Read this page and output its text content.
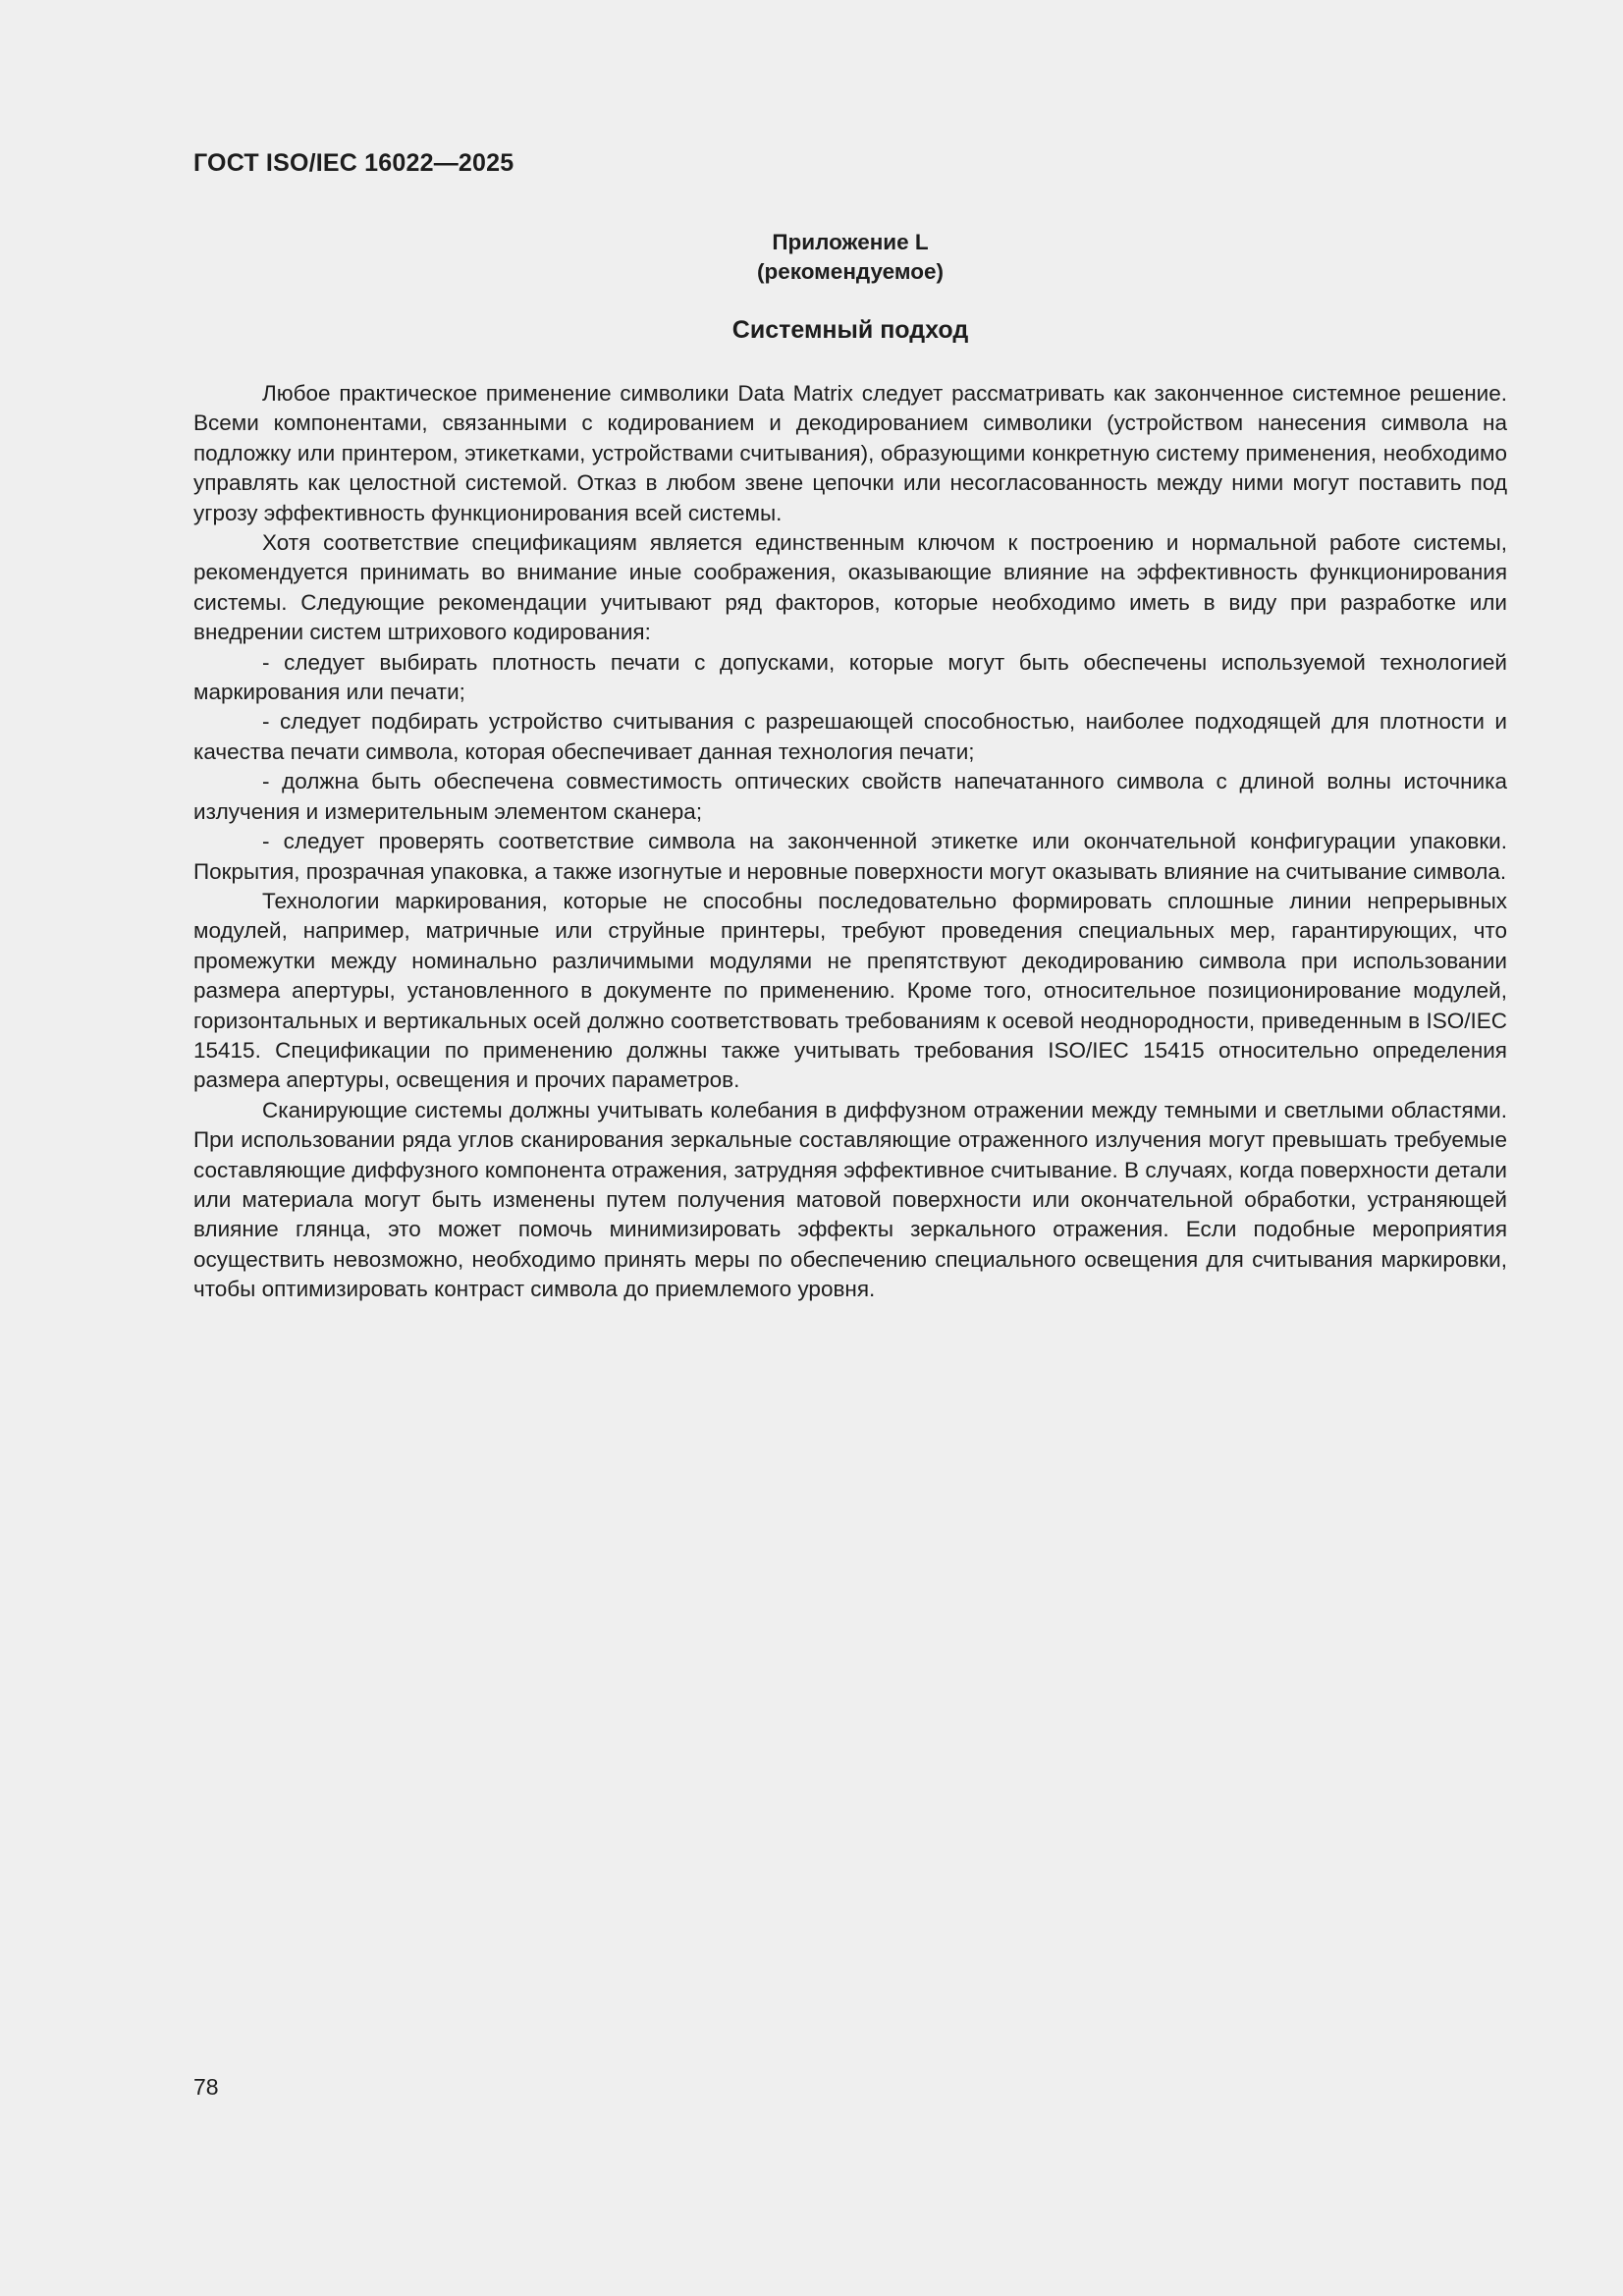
ГОСТ ISO/IEC 16022—2025
Приложение L
(рекомендуемое)
Системный подход

Любое практическое применение символики Data Matrix следует рассматривать как законченное системное решение. Всеми компонентами, связанными с кодированием и декодированием символики (устройством нанесения символа на подложку или принтером, этикетками, устройствами считывания), образующими конкретную систему применения, необходимо управлять как целостной системой. Отказ в любом звене цепочки или несогласованность между ними могут поставить под угрозу эффективность функционирования всей системы.

Хотя соответствие спецификациям является единственным ключом к построению и нормальной работе системы, рекомендуется принимать во внимание иные соображения, оказывающие влияние на эффективность функционирования системы. Следующие рекомендации учитывают ряд факторов, которые необходимо иметь в виду при разработке или внедрении систем штрихового кодирования:

- следует выбирать плотность печати с допусками, которые могут быть обеспечены используемой технологией маркирования или печати;

- следует подбирать устройство считывания с разрешающей способностью, наиболее подходящей для плотности и качества печати символа, которая обеспечивает данная технология печати;

- должна быть обеспечена совместимость оптических свойств напечатанного символа с длиной волны источника излучения и измерительным элементом сканера;

- следует проверять соответствие символа на законченной этикетке или окончательной конфигурации упаковки. Покрытия, прозрачная упаковка, а также изогнутые и неровные поверхности могут оказывать влияние на считывание символа.

Технологии маркирования, которые не способны последовательно формировать сплошные линии непрерывных модулей, например, матричные или струйные принтеры, требуют проведения специальных мер, гарантирующих, что промежутки между номинально различимыми модулями не препятствуют декодированию символа при использовании размера апертуры, установленного в документе по применению. Кроме того, относительное позиционирование модулей, горизонтальных и вертикальных осей должно соответствовать требованиям к осевой неоднородности, приведенным в ISO/IEC 15415. Спецификации по применению должны также учитывать требования ISO/IEC 15415 относительно определения размера апертуры, освещения и прочих параметров.

Сканирующие системы должны учитывать колебания в диффузном отражении между темными и светлыми областями. При использовании ряда углов сканирования зеркальные составляющие отраженного излучения могут превышать требуемые составляющие диффузного компонента отражения, затрудняя эффективное считывание. В случаях, когда поверхности детали или материала могут быть изменены путем получения матовой поверхности или окончательной обработки, устраняющей влияние глянца, это может помочь минимизировать эффекты зеркального отражения. Если подобные мероприятия осуществить невозможно, необходимо принять меры по обеспечению специального освещения для считывания маркировки, чтобы оптимизировать контраст символа до приемлемого уровня.

78
